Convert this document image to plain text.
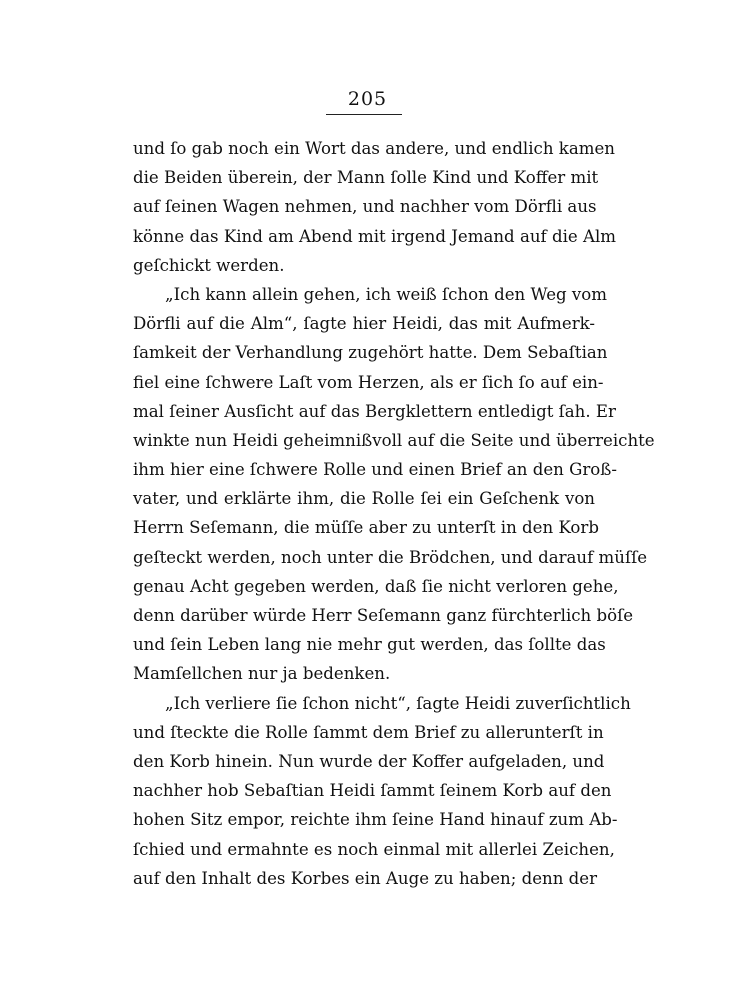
205
und ſo gab noch ein Wort das andere, und endlich kamen
die Beiden überein, der Mann ſolle Kind und Koffer mit
auf ſeinen Wagen nehmen, und nachher vom Dörfli aus
könne das Kind am Abend mit irgend Jemand auf die Alm
geſchickt werden.
„Ich kann allein gehen, ich weiß ſchon den Weg vom
Dörfli auf die Alm“, ſagte hier Heidi, das mit Aufmerk-
ſamkeit der Verhandlung zugehört hatte. Dem Sebaſtian
fiel eine ſchwere Laſt vom Herzen, als er ſich ſo auf ein-
mal ſeiner Ausſicht auf das Bergklettern entledigt ſah. Er
winkte nun Heidi geheimnißvoll auf die Seite und überreichte
ihm hier eine ſchwere Rolle und einen Brief an den Groß-
vater, und erklärte ihm, die Rolle ſei ein Geſchenk von
Herrn Seſemann, die müſſe aber zu unterſt in den Korb
geſteckt werden, noch unter die Brödchen, und darauf müſſe
genau Acht gegeben werden, daß ſie nicht verloren gehe,
denn darüber würde Herr Seſemann ganz fürchterlich böſe
und ſein Leben lang nie mehr gut werden, das ſollte das
Mamſellchen nur ja bedenken.
„Ich verliere ſie ſchon nicht“, ſagte Heidi zuverſichtlich
und ſteckte die Rolle ſammt dem Brief zu allerunterſt in
den Korb hinein. Nun wurde der Koffer aufgeladen, und
nachher hob Sebaſtian Heidi ſammt ſeinem Korb auf den
hohen Sitz empor, reichte ihm ſeine Hand hinauf zum Ab-
ſchied und ermahnte es noch einmal mit allerlei Zeichen,
auf den Inhalt des Korbes ein Auge zu haben; denn der
